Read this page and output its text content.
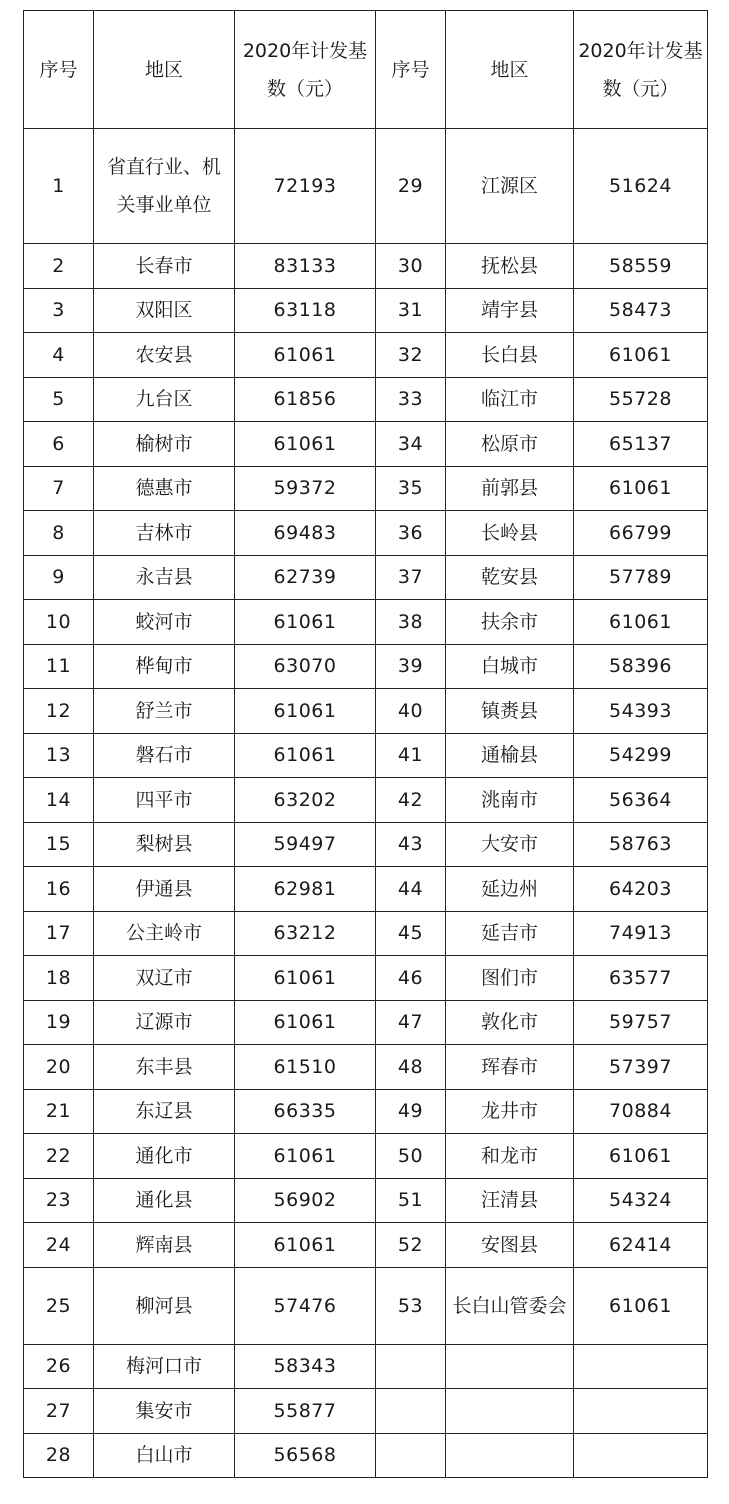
序号	地区	2020年计发基数（元）	序号	地区	2020年计发基数（元）
1	省直行业、机关事业单位	72193	29	江源区	51624
2	长春市	83133	30	抚松县	58559
3	双阳区	63118	31	靖宇县	58473
4	农安县	61061	32	长白县	61061
5	九台区	61856	33	临江市	55728
6	榆树市	61061	34	松原市	65137
7	德惠市	59372	35	前郭县	61061
8	吉林市	69483	36	长岭县	66799
9	永吉县	62739	37	乾安县	57789
10	蛟河市	61061	38	扶余市	61061
11	桦甸市	63070	39	白城市	58396
12	舒兰市	61061	40	镇赉县	54393
13	磐石市	61061	41	通榆县	54299
14	四平市	63202	42	洮南市	56364
15	梨树县	59497	43	大安市	58763
16	伊通县	62981	44	延边州	64203
17	公主岭市	63212	45	延吉市	74913
18	双辽市	61061	46	图们市	63577
19	辽源市	61061	47	敦化市	59757
20	东丰县	61510	48	珲春市	57397
21	东辽县	66335	49	龙井市	70884
22	通化市	61061	50	和龙市	61061
23	通化县	56902	51	汪清县	54324
24	辉南县	61061	52	安图县	62414
25	柳河县	57476	53	长白山管委会	61061
26	梅河口市	58343			
27	集安市	55877			
28	白山市	56568			
